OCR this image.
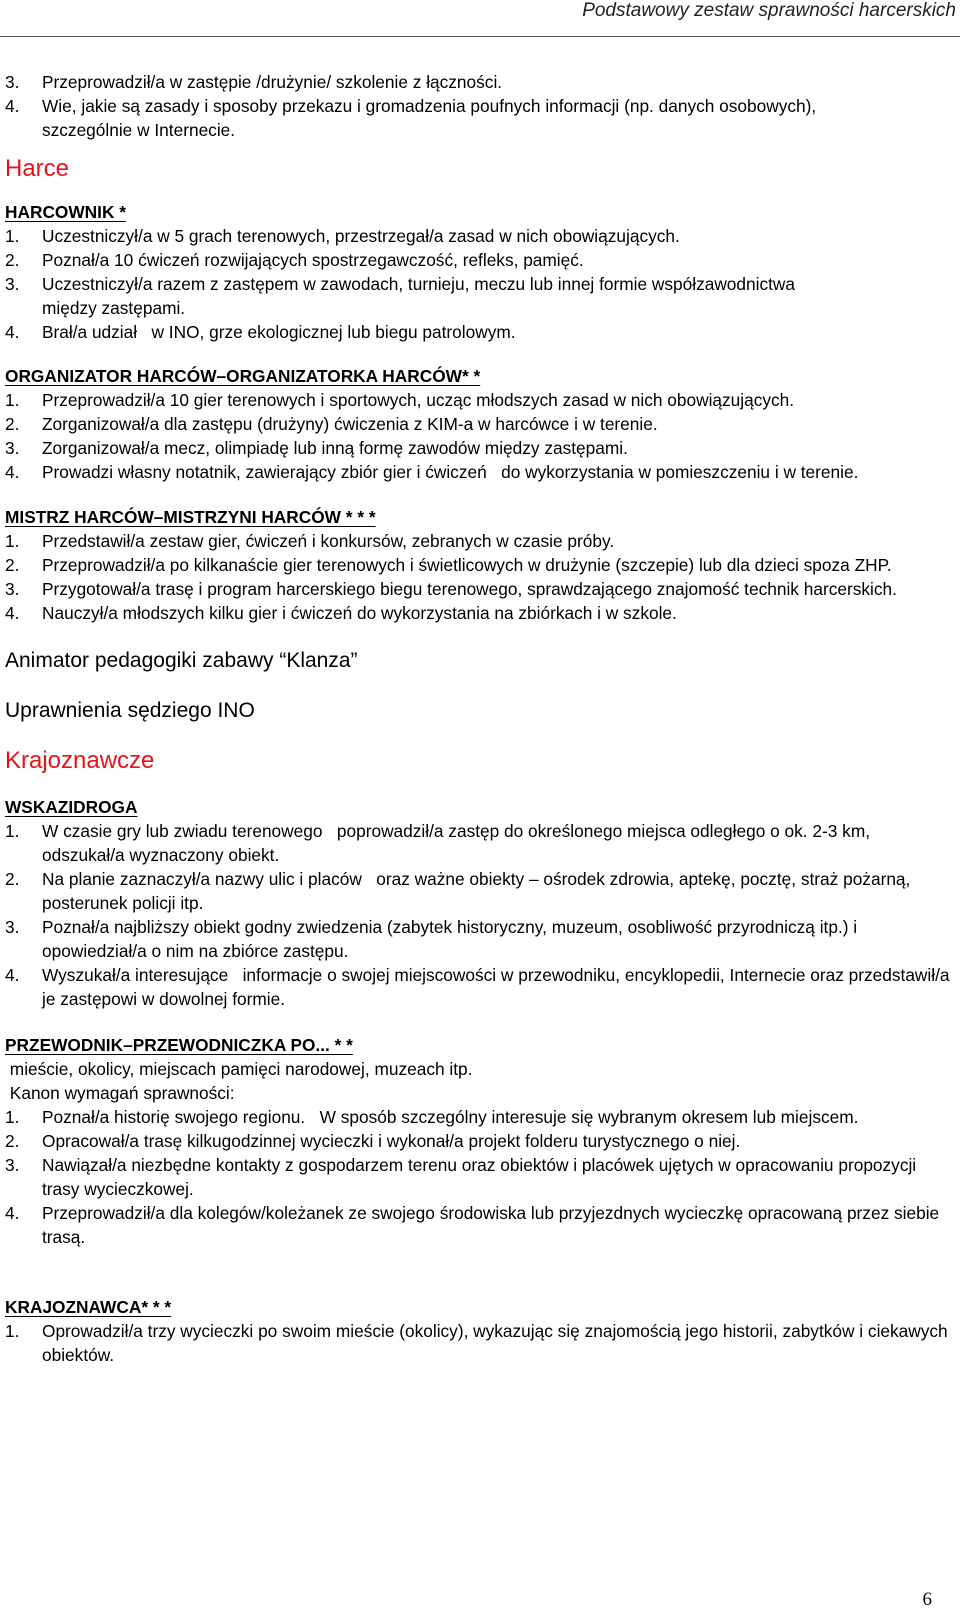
Podstawowy zestaw sprawności harcerskich
3. Przeprowadził/a w zastępie /drużynie/ szkolenie z łączności.
4. Wie, jakie są zasady i sposoby przekazu i gromadzenia poufnych informacji (np. danych osobowych), szczególnie w Internecie.
Harce
HARCOWNIK *
1. Uczestniczył/a w 5 grach terenowych, przestrzegał/a zasad w nich obowiązujących.
2. Poznał/a 10 ćwiczeń rozwijających spostrzegawczość, refleks, pamięć.
3. Uczestniczył/a razem z zastępem w zawodach, turnieju, meczu lub innej formie współzawodnictwa między zastępami.
4. Brał/a udział   w INO, grze ekologicznej lub biegu patrolowym.
ORGANIZATOR HARCÓW–ORGANIZATORKA HARCÓW* *
1. Przeprowadził/a 10 gier terenowych i sportowych, ucząc młodszych zasad w nich obowiązujących.
2. Zorganizował/a dla zastępu (drużyny) ćwiczenia z KIM-a w harcówce i w terenie.
3. Zorganizował/a mecz, olimpiadę lub inną formę zawodów między zastępami.
4. Prowadzi własny notatnik, zawierający zbiór gier i ćwiczeń   do wykorzystania w pomieszczeniu i w terenie.
MISTRZ HARCÓW–MISTRZYNI HARCÓW * * *
1. Przedstawił/a zestaw gier, ćwiczeń i konkursów, zebranych w czasie próby.
2. Przeprowadził/a po kilkanaście gier terenowych i świetlicowych w drużynie (szczepie) lub dla dzieci spoza ZHP.
3. Przygotował/a trasę i program harcerskiego biegu terenowego, sprawdzającego znajomość technik harcerskich.
4. Nauczył/a młodszych kilku gier i ćwiczeń do wykorzystania na zbiórkach i w szkole.
Animator pedagogiki zabawy “Klanza”
Uprawnienia sędziego INO
Krajoznawcze
WSKAZIDROGA
1. W czasie gry lub zwiadu terenowego   poprowadził/a zastęp do określonego miejsca odległego o ok. 2-3 km, odszukał/a wyznaczony obiekt.
2. Na planie zaznaczył/a nazwy ulic i placów   oraz ważne obiekty – ośrodek zdrowia, aptekę, pocztę, straż pożarną, posterunek policji itp.
3. Poznał/a najbliższy obiekt godny zwiedzenia (zabytek historyczny, muzeum, osobliwość przyrodniczą itp.) i opowiedział/a o nim na zbiórce zastępu.
4. Wyszukał/a interesujące   informacje o swojej miejscowości w przewodniku, encyklopedii, Internecie oraz przedstawił/a je zastępowi w dowolnej formie.
PRZEWODNIK–PRZEWODNICZKA PO... * *
mieście, okolicy, miejscach pamięci narodowej, muzeach itp.
Kanon wymagań sprawności:
1. Poznał/a historię swojego regionu.   W sposób szczególny interesuje się wybranym okresem lub miejscem.
2. Opracował/a trasę kilkugodzinnej wycieczki i wykonał/a projekt folderu turystycznego o niej.
3. Nawiązał/a niezbędne kontakty z gospodarzem terenu oraz obiektów i placówek ujętych w opracowaniu propozycji trasy wycieczkowej.
4. Przeprowadził/a dla kolegów/koleżanek ze swojego środowiska lub przyjezdnych wycieczkę opracowaną przez siebie trasą.
KRAJOZNAWCA* * *
1. Oprowadził/a trzy wycieczki po swoim mieście (okolicy), wykazując się znajomością jego historii, zabytków i ciekawych obiektów.
6
